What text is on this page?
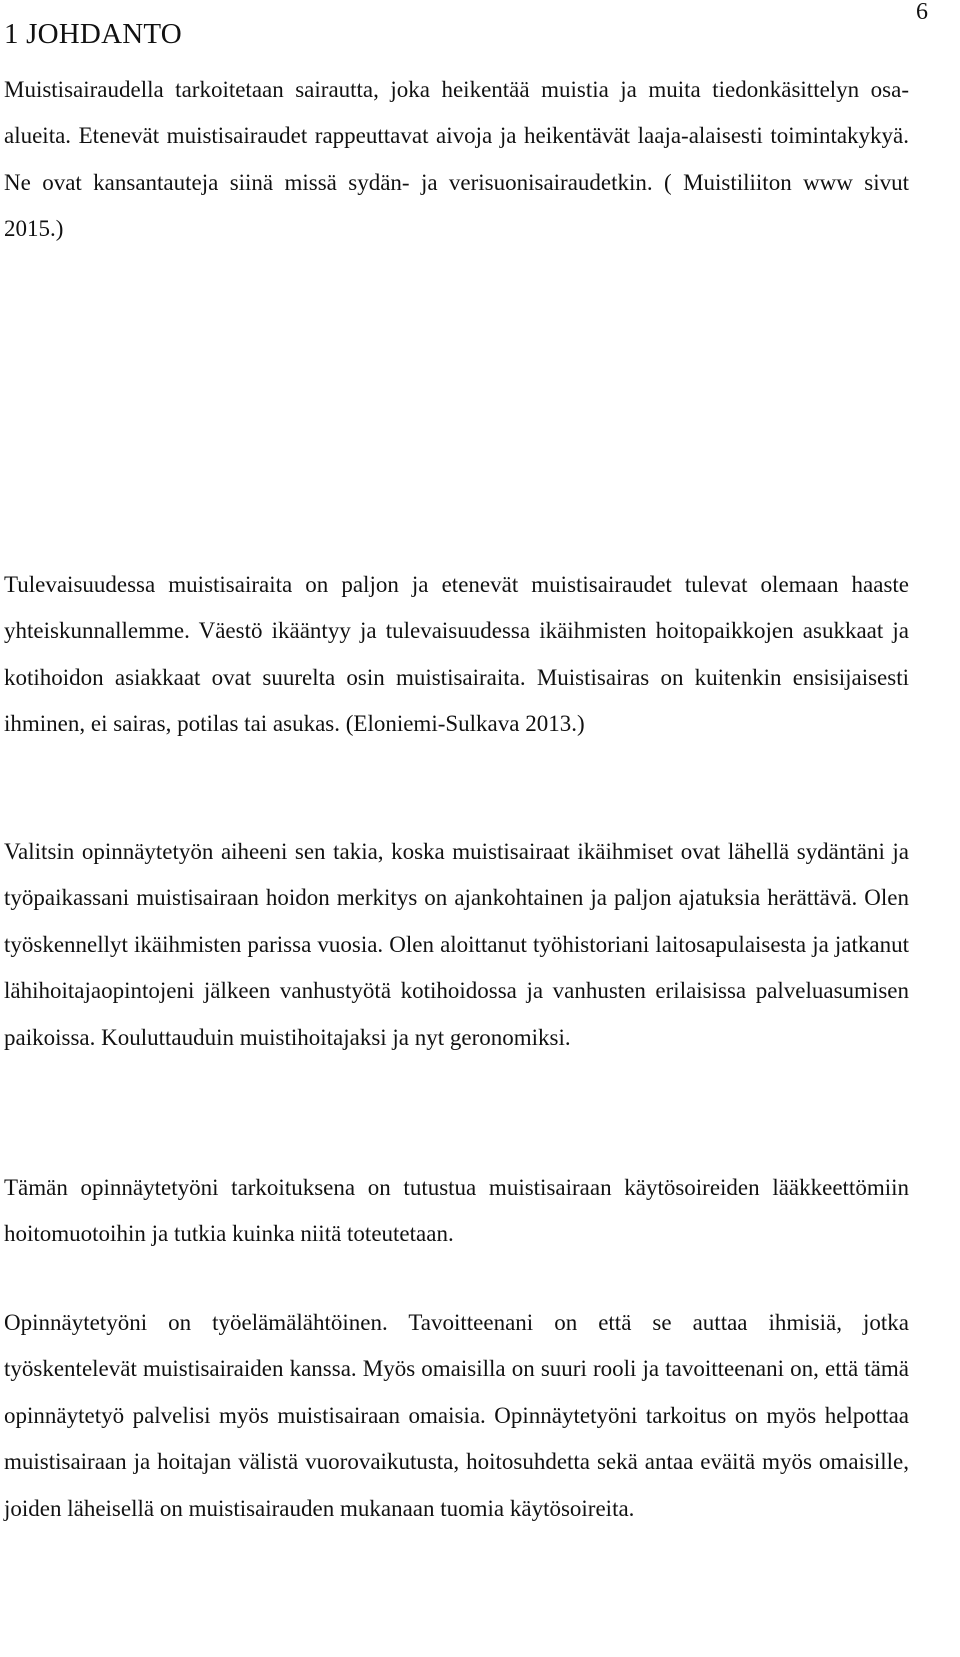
6
1 JOHDANTO

Muistisairaudella tarkoitetaan sairautta, joka heikentää muistia ja muita tiedonkäsittelyn osa-alueita. Etenevät muistisairaudet rappeuttavat aivoja ja heikentävät laaja-alaisesti toimintakykyä. Ne ovat kansantauteja siinä missä sydän- ja verisuonisairaudetkin. ( Muistiliiton www sivut 2015.)

Tulevaisuudessa muistisairaita on paljon ja etenevät muistisairaudet tulevat olemaan haaste yhteiskunnallemme. Väestö ikääntyy ja tulevaisuudessa ikäihmisten hoitopaikkojen asukkaat ja kotihoidon asiakkaat ovat suurelta osin muistisairaita. Muistisairas on kuitenkin ensisijaisesti ihminen, ei sairas, potilas tai asukas. (Eloniemi-Sulkava 2013.)

Valitsin opinnäytetyön aiheeni sen takia, koska muistisairaat ikäihmiset ovat lähellä sydäntäni ja työpaikassani muistisairaan hoidon merkitys on ajankohtainen ja paljon ajatuksia herättävä. Olen työskennellyt ikäihmisten parissa vuosia. Olen aloittanut työhistoriani laitosapulaisesta ja jatkanut lähihoitajaopintojeni jälkeen vanhustyötä kotihoidossa ja vanhusten erilaisissa palveluasumisen paikoissa. Kouluttauduin muistihoitajaksi ja nyt geronomiksi.

Tämän opinnäytetyöni tarkoituksena on tutustua muistisairaan käytösoireiden lääkkeettömiin hoitomuotoihin ja tutkia kuinka niitä toteutetaan.

Opinnäytetyöni on työelämälähtöinen. Tavoitteenani on että se auttaa ihmisiä, jotka työskentelevät muistisairaiden kanssa. Myös omaisilla on suuri rooli ja tavoitteenani on, että tämä opinnäytetyö palvelisi myös muistisairaan omaisia. Opinnäytetyöni tarkoitus on myös helpottaa muistisairaan ja hoitajan välistä vuorovaikutusta, hoitosuhdetta sekä antaa eväitä myös omaisille, joiden läheisellä on muistisairauden mukanaan tuomia käytösoireita.
